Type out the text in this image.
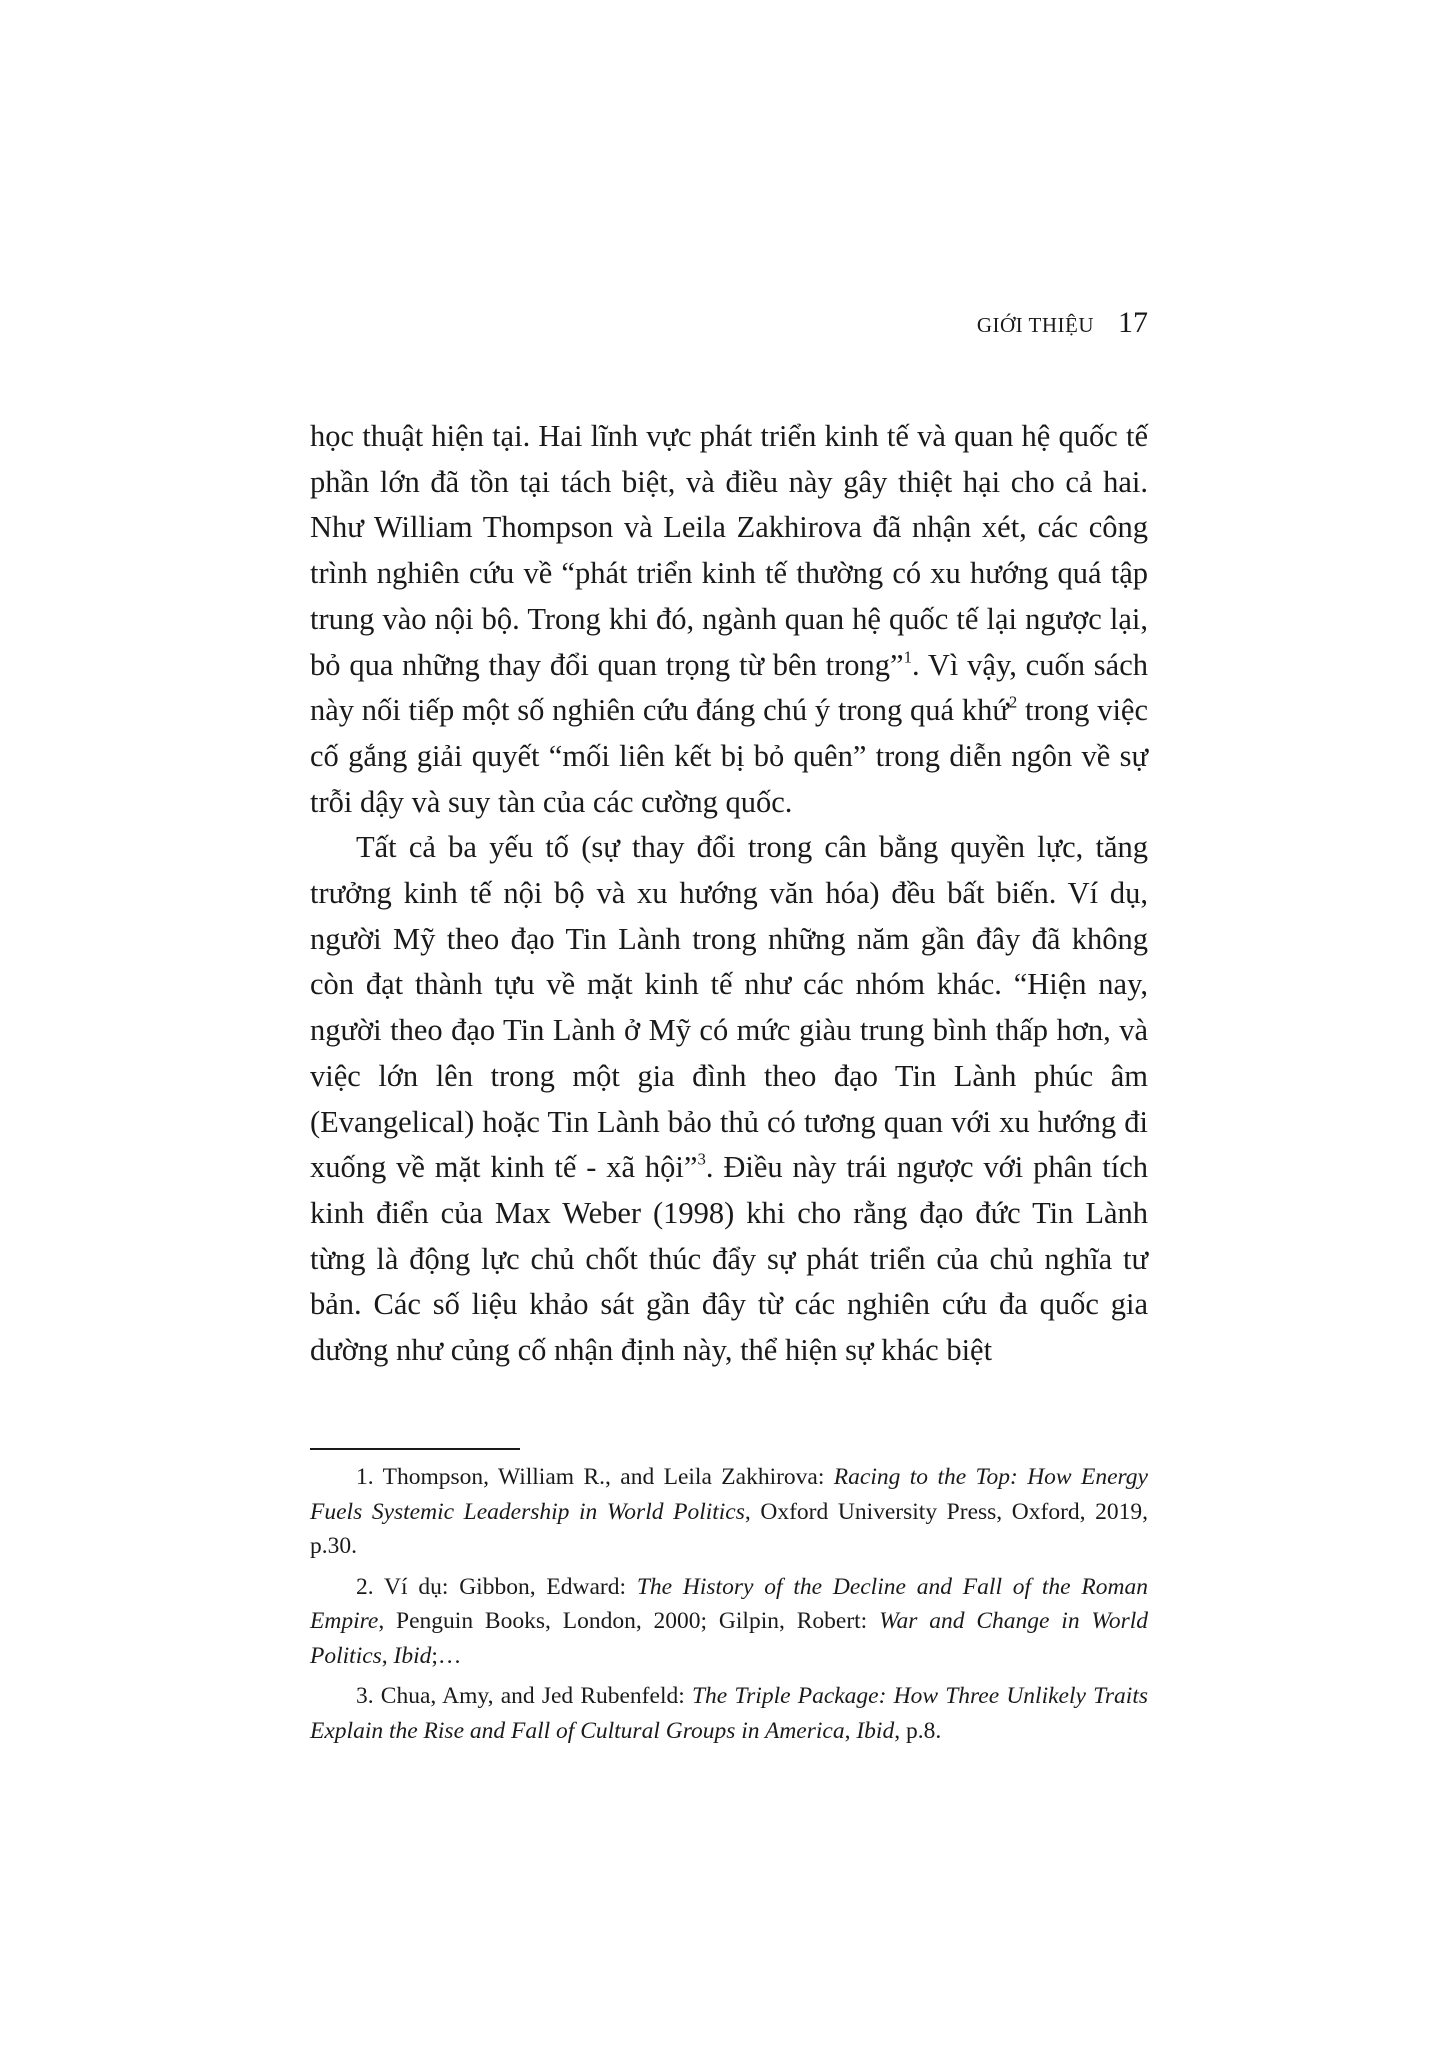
GIỚI THIỆU 17

học thuật hiện tại. Hai lĩnh vực phát triển kinh tế và quan hệ quốc tế phần lớn đã tồn tại tách biệt, và điều này gây thiệt hại cho cả hai. Như William Thompson và Leila Zakhirova đã nhận xét, các công trình nghiên cứu về “phát triển kinh tế thường có xu hướng quá tập trung vào nội bộ. Trong khi đó, ngành quan hệ quốc tế lại ngược lại, bỏ qua những thay đổi quan trọng từ bên trong”$^1$. Vì vậy, cuốn sách này nối tiếp một số nghiên cứu đáng chú ý trong quá khứ$^2$ trong việc cố gắng giải quyết “mối liên kết bị bỏ quên” trong diễn ngôn về sự trỗi dậy và suy tàn của các cường quốc.

Tất cả ba yếu tố (sự thay đổi trong cân bằng quyền lực, tăng trưởng kinh tế nội bộ và xu hướng văn hóa) đều bất biến. Ví dụ, người Mỹ theo đạo Tin Lành trong những năm gần đây đã không còn đạt thành tựu về mặt kinh tế như các nhóm khác. “Hiện nay, người theo đạo Tin Lành ở Mỹ có mức giàu trung bình thấp hơn, và việc lớn lên trong một gia đình theo đạo Tin Lành phúc âm (Evangelical) hoặc Tin Lành bảo thủ có tương quan với xu hướng đi xuống về mặt kinh tế - xã hội”$^3$. Điều này trái ngược với phân tích kinh điển của Max Weber (1998) khi cho rằng đạo đức Tin Lành từng là động lực chủ chốt thúc đẩy sự phát triển của chủ nghĩa tư bản. Các số liệu khảo sát gần đây từ các nghiên cứu đa quốc gia dường như củng cố nhận định này, thể hiện sự khác biệt

1. Thompson, William R., and Leila Zakhirova: Racing to the Top: How Energy Fuels Systemic Leadership in World Politics, Oxford University Press, Oxford, 2019, p.30.

2. Ví dụ: Gibbon, Edward: The History of the Decline and Fall of the Roman Empire, Penguin Books, London, 2000; Gilpin, Robert: War and Change in World Politics, Ibid;…

3. Chua, Amy, and Jed Rubenfeld: The Triple Package: How Three Unlikely Traits Explain the Rise and Fall of Cultural Groups in America, Ibid, p.8.
